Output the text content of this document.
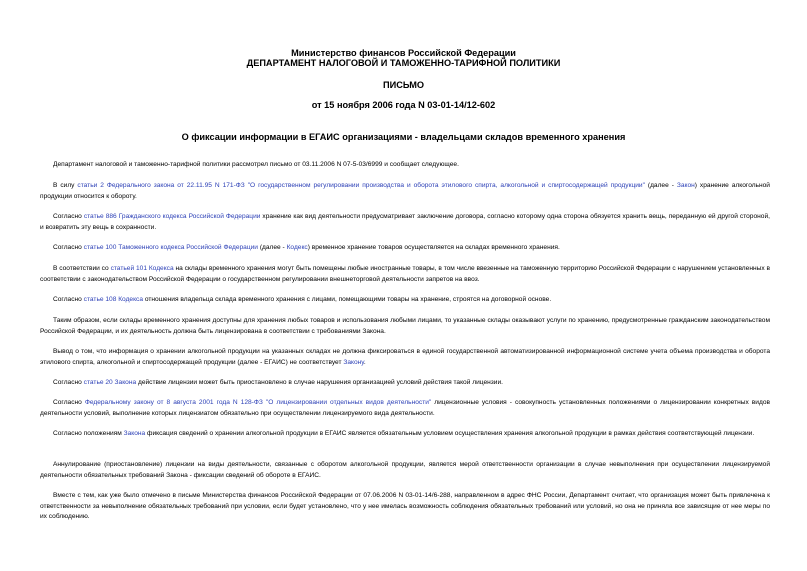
Министерство финансов Российской Федерации
ДЕПАРТАМЕНТ НАЛОГОВОЙ И ТАМОЖЕННО-ТАРИФНОЙ ПОЛИТИКИ
ПИСЬМО
от 15 ноября 2006 года N 03-01-14/12-602
О фиксации информации в ЕГАИС организациями - владельцами складов временного хранения

Департамент налоговой и таможенно-тарифной политики рассмотрел письмо от 03.11.2006 N 07-5-03/6999 и сообщает следующее.

В силу статьи 2 Федерального закона от 22.11.95 N 171-ФЗ "О государственном регулировании производства и оборота этилового спирта, алкогольной и спиртосодержащей продукции" (далее - Закон) хранение алкогольной продукции относится к обороту.

Согласно статье 886 Гражданского кодекса Российской Федерации хранение как вид деятельности предусматривает заключение договора, согласно которому одна сторона обязуется хранить вещь, переданную ей другой стороной, и возвратить эту вещь в сохранности.

Согласно статье 100 Таможенного кодекса Российской Федерации (далее - Кодекс) временное хранение товаров осуществляется на складах временного хранения.

В соответствии со статьей 101 Кодекса на склады временного хранения могут быть помещены любые иностранные товары, в том числе ввезенные на таможенную территорию Российской Федерации с нарушением установленных в соответствии с законодательством Российской Федерации о государственном регулировании внешнеторговой деятельности запретов на ввоз.

Согласно статье 108 Кодекса отношения владельца склада временного хранения с лицами, помещающими товары на хранение, строятся на договорной основе.

Таким образом, если склады временного хранения доступны для хранения любых товаров и использования любыми лицами, то указанные склады оказывают услуги по хранению, предусмотренные гражданским законодательством Российской Федерации, и их деятельность должна быть лицензирована в соответствии с требованиями Закона.

Вывод о том, что информация о хранении алкогольной продукции на указанных складах не должна фиксироваться в единой государственной автоматизированной информационной системе учета объема производства и оборота этилового спирта, алкогольной и спиртосодержащей продукции (далее - ЕГАИС) не соответствует Закону.

Согласно статье 20 Закона действие лицензии может быть приостановлено в случае нарушения организацией условий действия такой лицензии.

Согласно Федеральному закону от 8 августа 2001 года N 128-ФЗ "О лицензировании отдельных видов деятельности" лицензионные условия - совокупность установленных положениями о лицензировании конкретных видов деятельности условий, выполнение которых лицензиатом обязательно при осуществлении лицензируемого вида деятельности.

Согласно положениям Закона фиксация сведений о хранении алкогольной продукции в ЕГАИС является обязательным условием осуществления хранения алкогольной продукции в рамках действия соответствующей лицензии.

Аннулирование (приостановление) лицензии на виды деятельности, связанные с оборотом алкогольной продукции, является мерой ответственности организации в случае невыполнения при осуществлении лицензируемой деятельности обязательных требований Закона - фиксации сведений об обороте в ЕГАИС.

Вместе с тем, как уже было отмечено в письме Министерства финансов Российской Федерации от 07.06.2006 N 03-01-14/6-288, направленном в адрес ФНС России, Департамент считает, что организация может быть привлечена к ответственности за невыполнение обязательных требований при условии, если будет установлено, что у нее имелась возможность соблюдения обязательных требований или условий, но она не приняла все зависящие от нее меры по их соблюдению.
